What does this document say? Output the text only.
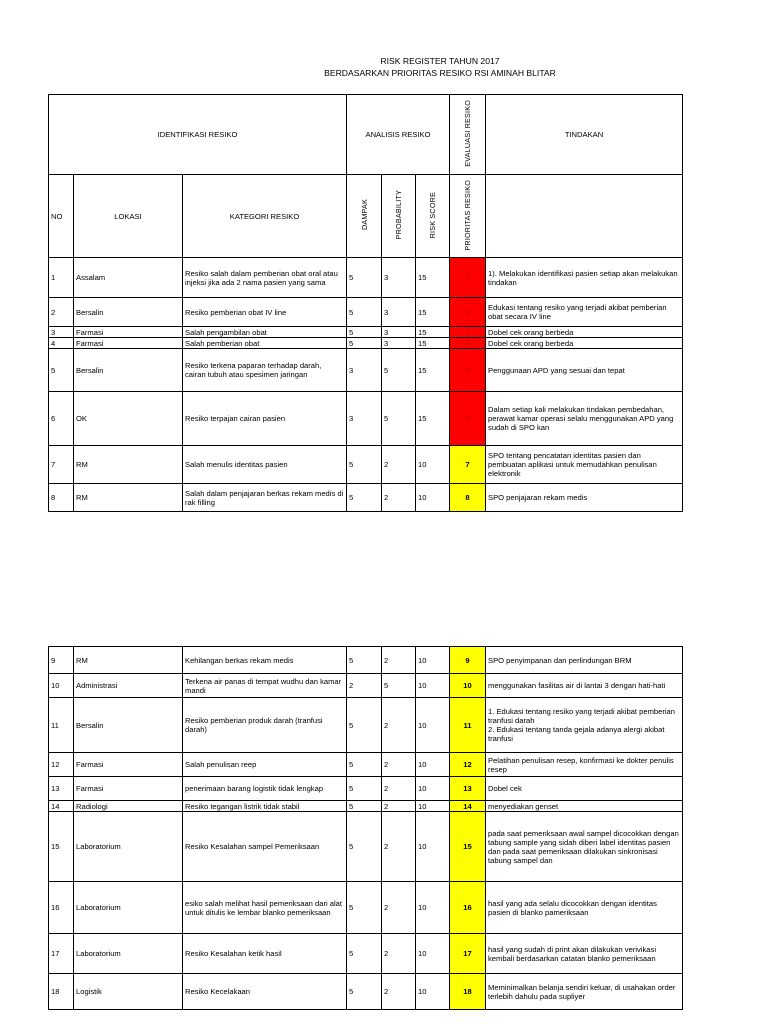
RISK REGISTER TAHUN 2017
BERDASARKAN PRIORITAS RESIKO RSI AMINAH BLITAR
IDENTIFIKASI RESIKO			ANALISIS RESIKO			EVALUASI RESIKO	TINDAKAN
NO	LOKASI	KATEGORI RESIKO	DAMPAK	PROBABILITY	RISK SCORE	PRIORITAS RESIKO	
1	Assalam	Resiko salah dalam pemberian obat oral atau injeksi jika ada 2 nama pasien yang sama	5	3	15	1	1). Melakukan identifikasi pasien setiap akan melakukan tindakan
2	Bersalin	Resiko pemberian obat IV line	5	3	15	2	Edukasi tentang resiko yang terjadi akibat pemberian obat secara IV line
3	Farmasi	Salah pengambilan obat	5	3	15	3	Dobel cek orang berbeda
4	Farmasi	Salah pemberian obat	5	3	15	4	Dobel cek orang berbeda
5	Bersalin	Resiko terkena paparan terhadap darah, cairan tubuh atau spesimen jaringan	3	5	15	5	Penggunaan APD yang sesuai dan tepat
6	OK	Resiko terpajan cairan pasien	3	5	15	6	Dalam setiap kali melakukan tindakan pembedahan, perawat kamar operasi selalu menggunakan APD yang sudah di SPO kan
7	RM	Salah menulis identitas pasien	5	2	10	7	SPO tentang pencatatan identitas pasien dan pembuatan aplikasi untuk memudahkan penulisan elektronik
8	RM	Salah dalam penjajaran berkas rekam medis di rak filling	5	2	10	8	SPO penjajaran rekam medis
9	RM	Kehilangan berkas rekam medis	5	2	10	9	SPO penyimpanan dan perlindungan BRM
10	Administrasi	Terkena air panas di tempat wudhu dan kamar mandi	2	5	10	10	menggunakan fasilitas air di lantai 3 dengan hati-hati
11	Bersalin	Resiko pemberian produk darah (tranfusi darah)	5	2	10	11	1. Edukasi tentang resiko yang terjadi akibat pemberian tranfusi darah
2. Edukasi tentang tanda gejala adanya alergi akibat tranfusi
12	Farmasi	Salah penulisan reep	5	2	10	12	Pelatihan penulisan resep, konfirmasi ke dokter penulis resep
13	Farmasi	penerimaan barang logistik tidak lengkap	5	2	10	13	Dobel cek
14	Radiologi	Resiko tegangan listrik tidak stabil	5	2	10	14	menyediakan genset
15	Laboratorium	Resiko Kesalahan sampel Pemeriksaan	5	2	10	15	pada saat pemeriksaan awal sampel dicocokkan dengan tabung sample yang sidah diberi label identitas pasien dan pada saat pemeriksaan dilakukan sinkronisasi tabung sampel dan
16	Laboratorium	esiko salah melihat hasil pemeriksaan dari alat untuk ditulis ke lembar blanko pemeriksaan	5	2	10	16	hasil yang ada selalu dicocokkan dengan identitas pasien di blanko pameriksaan
17	Laboratorium	Resiko Kesalahan ketik hasil	5	2	10	17	hasil yang sudah di print akan dilakukan verivikasi kembali berdasarkan catatan blanko pemeriksaan
18	Logistik	Resiko Kecelakaan	5	2	10	18	Meminimalkan belanja sendiri keluar, di usahakan order terlebih dahulu pada supliyer
